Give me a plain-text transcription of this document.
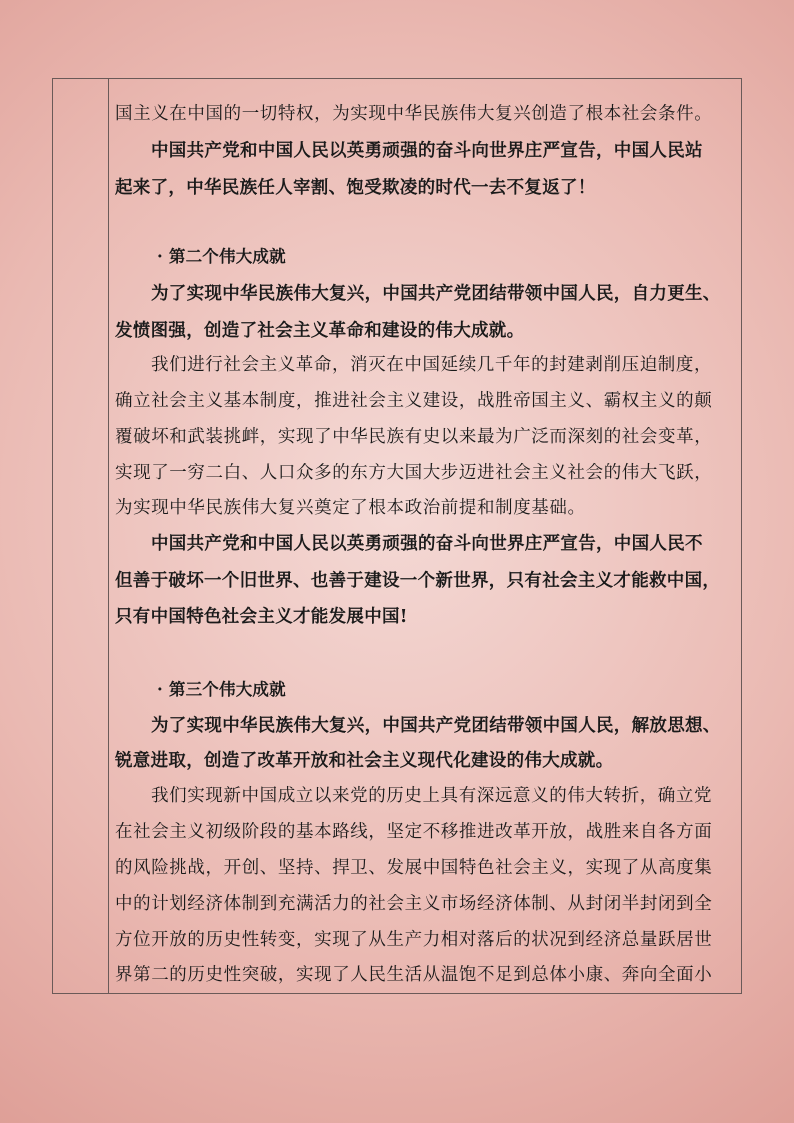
国主义在中国的一切特权，为实现中华民族伟大复兴创造了根本社会条件。
中国共产党和中国人民以英勇顽强的奋斗向世界庄严宣告，中国人民站
起来了，中华民族任人宰割、饱受欺凌的时代一去不复返了！
· 第二个伟大成就
为了实现中华民族伟大复兴，中国共产党团结带领中国人民，自力更生、
发愤图强，创造了社会主义革命和建设的伟大成就。
我们进行社会主义革命，消灭在中国延续几千年的封建剥削压迫制度，
确立社会主义基本制度，推进社会主义建设，战胜帝国主义、霸权主义的颠
覆破坏和武装挑衅，实现了中华民族有史以来最为广泛而深刻的社会变革，
实现了一穷二白、人口众多的东方大国大步迈进社会主义社会的伟大飞跃，
为实现中华民族伟大复兴奠定了根本政治前提和制度基础。
中国共产党和中国人民以英勇顽强的奋斗向世界庄严宣告，中国人民不
但善于破坏一个旧世界、也善于建设一个新世界，只有社会主义才能救中国，
只有中国特色社会主义才能发展中国!
· 第三个伟大成就
为了实现中华民族伟大复兴，中国共产党团结带领中国人民，解放思想、
锐意进取，创造了改革开放和社会主义现代化建设的伟大成就。
我们实现新中国成立以来党的历史上具有深远意义的伟大转折，确立党
在社会主义初级阶段的基本路线，坚定不移推进改革开放，战胜来自各方面
的风险挑战，开创、坚持、捍卫、发展中国特色社会主义，实现了从高度集
中的计划经济体制到充满活力的社会主义市场经济体制、从封闭半封闭到全
方位开放的历史性转变，实现了从生产力相对落后的状况到经济总量跃居世
界第二的历史性突破，实现了人民生活从温饱不足到总体小康、奔向全面小
